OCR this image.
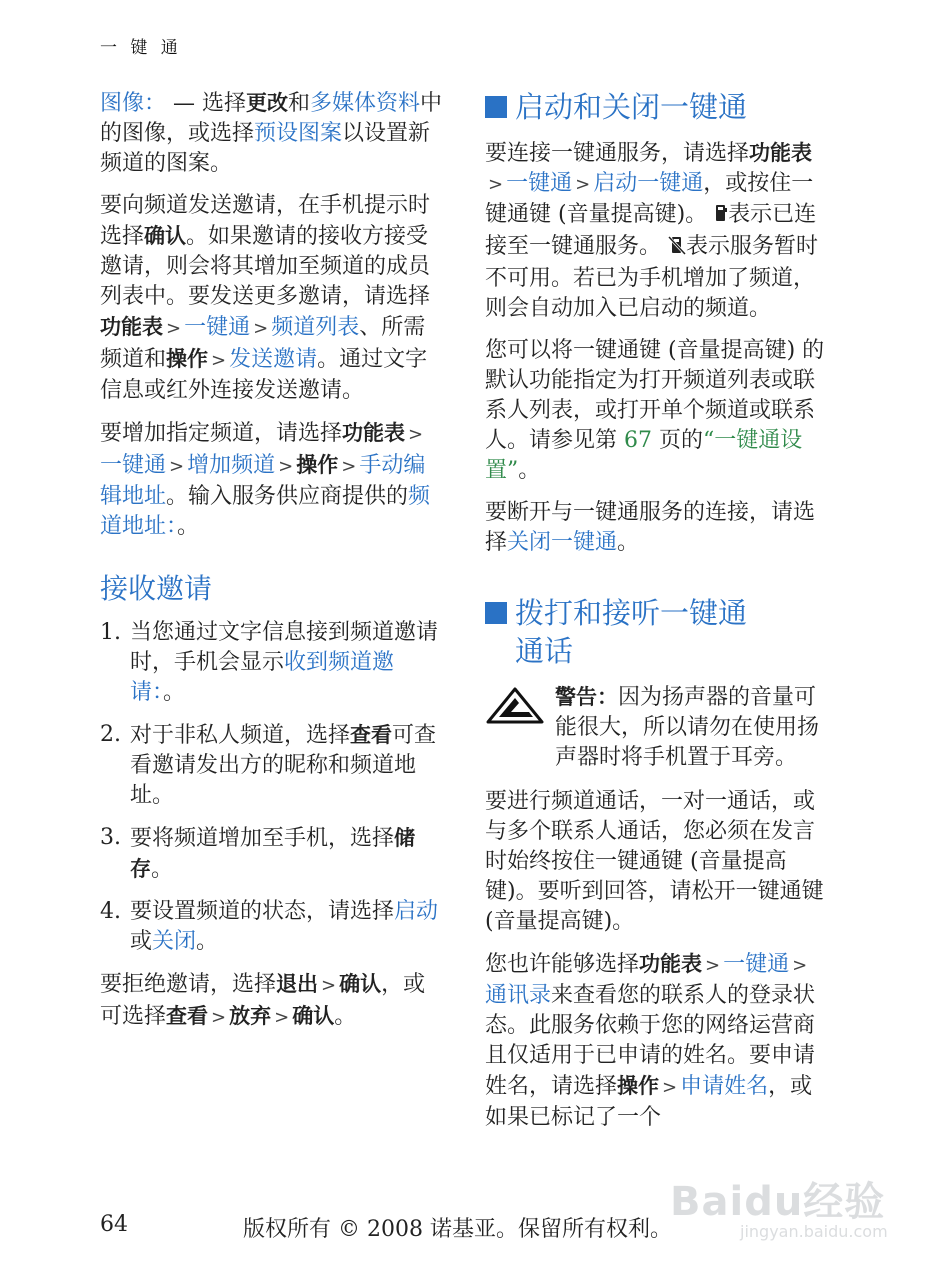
一 键 通

图像： — 选择更改和多媒体资料中的图像，或选择预设图案以设置新频道的图案。

要向频道发送邀请，在手机提示时选择确认。如果邀请的接收方接受邀请，则会将其增加至频道的成员列表中。要发送更多邀请，请选择功能表 > 一键通 > 频道列表、所需频道和操作 > 发送邀请。通过文字信息或红外连接发送邀请。

要增加指定频道，请选择功能表 >一键通 > 增加频道 > 操作 > 手动编辑地址。输入服务供应商提供的频道地址：。

接收邀请
1. 当您通过文字信息接到频道邀请时，手机会显示收到频道邀请：。
2. 对于非私人频道，选择查看可查看邀请发出方的昵称和频道地址。
3. 要将频道增加至手机，选择储存。
4. 要设置频道的状态，请选择启动或关闭。

要拒绝邀请，选择退出 > 确认，或可选择查看 > 放弃 > 确认。

启动和关闭一键通

要连接一键通服务，请选择功能表> 一键通 > 启动一键通，或按住一键通键 (音量提高键)。 表示已连接至一键通服务。 表示服务暂时不可用。若已为手机增加了频道，则会自动加入已启动的频道。

您可以将一键通键 (音量提高键) 的默认功能指定为打开频道列表或联系人列表，或打开单个频道或联系人。请参见第 67 页的“一键通设置”。

要断开与一键通服务的连接，请选择关闭一键通。

拨打和接听一键通
通话

警告：因为扬声器的音量可能很大，所以请勿在使用扬声器时将手机置于耳旁。

要进行频道通话，一对一通话，或与多个联系人通话，您必须在发言时始终按住一键通键 (音量提高键)。要听到回答，请松开一键通键 (音量提高键)。

您也许能够选择功能表 > 一键通 >通讯录来查看您的联系人的登录状态。此服务依赖于您的网络运营商且仅适用于已申请的姓名。要申请姓名，请选择操作 > 申请姓名，或如果已标记了一个

64	版权所有 © 2008 诺基亚。保留所有权利。
Baidu经验
jingyan.baidu.com
